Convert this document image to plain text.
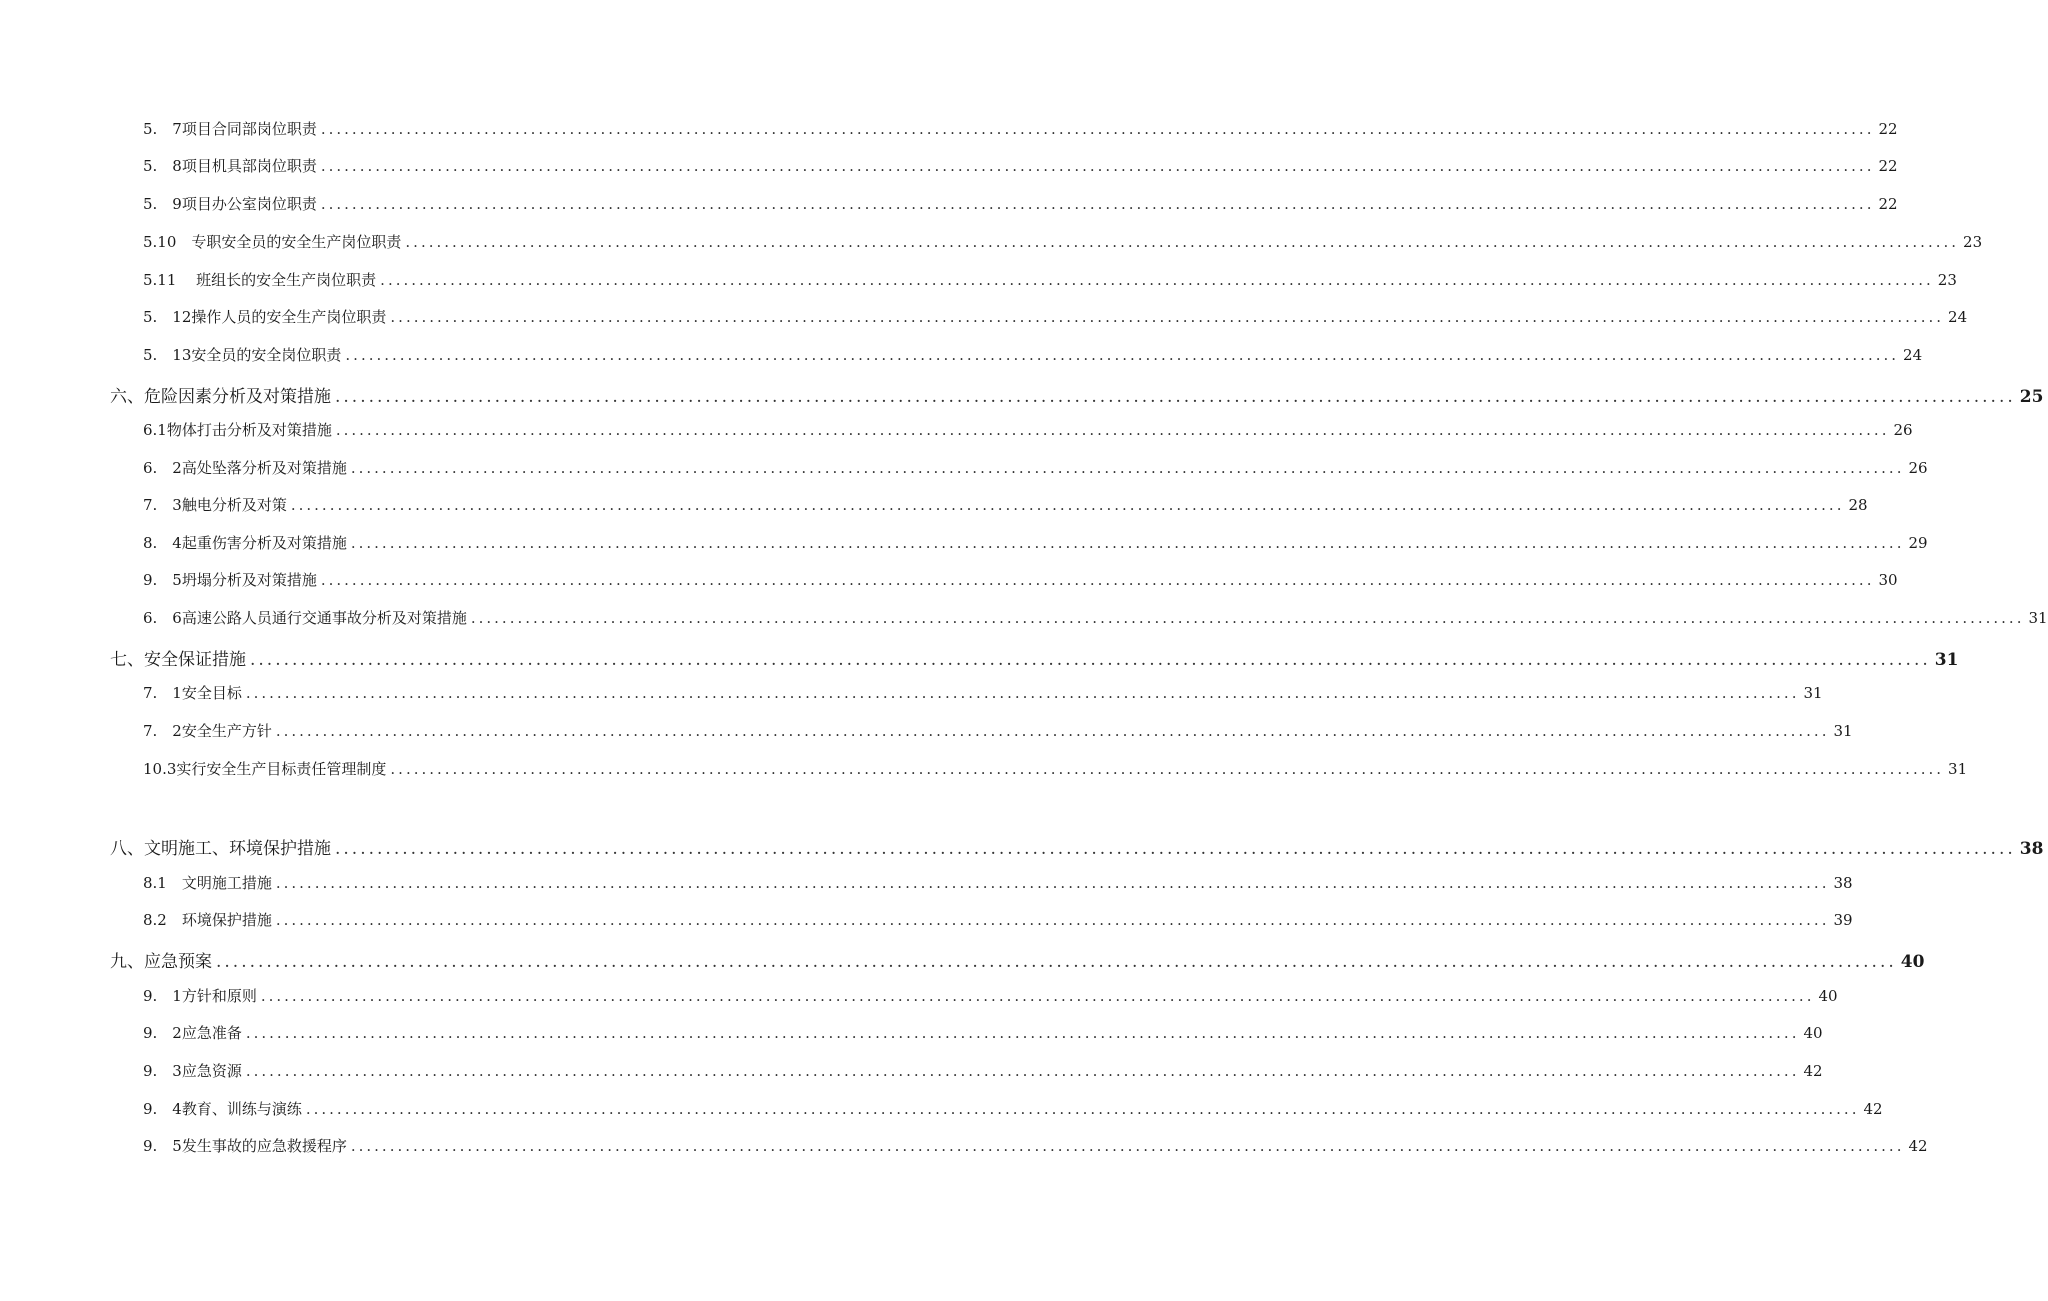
5.　7项目合同部岗位职责 ........................................................................................................................................................................................................ 22
5.　8项目机具部岗位职责 ........................................................................................................................................................................................................ 22
5.　9项目办公室岗位职责 ........................................................................................................................................................................................................ 22
5.10　专职安全员的安全生产岗位职责 ........................................................................................................................................................................................................ 23
5.11　 班组长的安全生产岗位职责 ........................................................................................................................................................................................................ 23
5.　12操作人员的安全生产岗位职责 ........................................................................................................................................................................................................ 24
5.　13安全员的安全岗位职责 ........................................................................................................................................................................................................ 24
六、危险因素分析及对策措施 ........................................................................................................................................................................................................ 25
6.1物体打击分析及对策措施 ........................................................................................................................................................................................................ 26
6.　2高处坠落分析及对策措施 ........................................................................................................................................................................................................ 26
7.　3触电分析及对策 ........................................................................................................................................................................................................ 28
8.　4起重伤害分析及对策措施 ........................................................................................................................................................................................................ 29
9.　5坍塌分析及对策措施 ........................................................................................................................................................................................................ 30
6.　6高速公路人员通行交通事故分析及对策措施 ........................................................................................................................................................................................................ 31
七、安全保证措施 ........................................................................................................................................................................................................ 31
7.　1安全目标 ........................................................................................................................................................................................................ 31
7.　2安全生产方针 ........................................................................................................................................................................................................ 31
10.3实行安全生产目标责任管理制度 ........................................................................................................................................................................................................ 31
八、文明施工、环境保护措施 ........................................................................................................................................................................................................ 38
8.1　文明施工措施 ........................................................................................................................................................................................................ 38
8.2　环境保护措施 ........................................................................................................................................................................................................ 39
九、应急预案 ........................................................................................................................................................................................................ 40
9.　1方针和原则 ........................................................................................................................................................................................................ 40
9.　2应急准备 ........................................................................................................................................................................................................ 40
9.　3应急资源 ........................................................................................................................................................................................................ 42
9.　4教育、训练与演练 ........................................................................................................................................................................................................ 42
9.　5发生事故的应急救援程序 ........................................................................................................................................................................................................ 42
